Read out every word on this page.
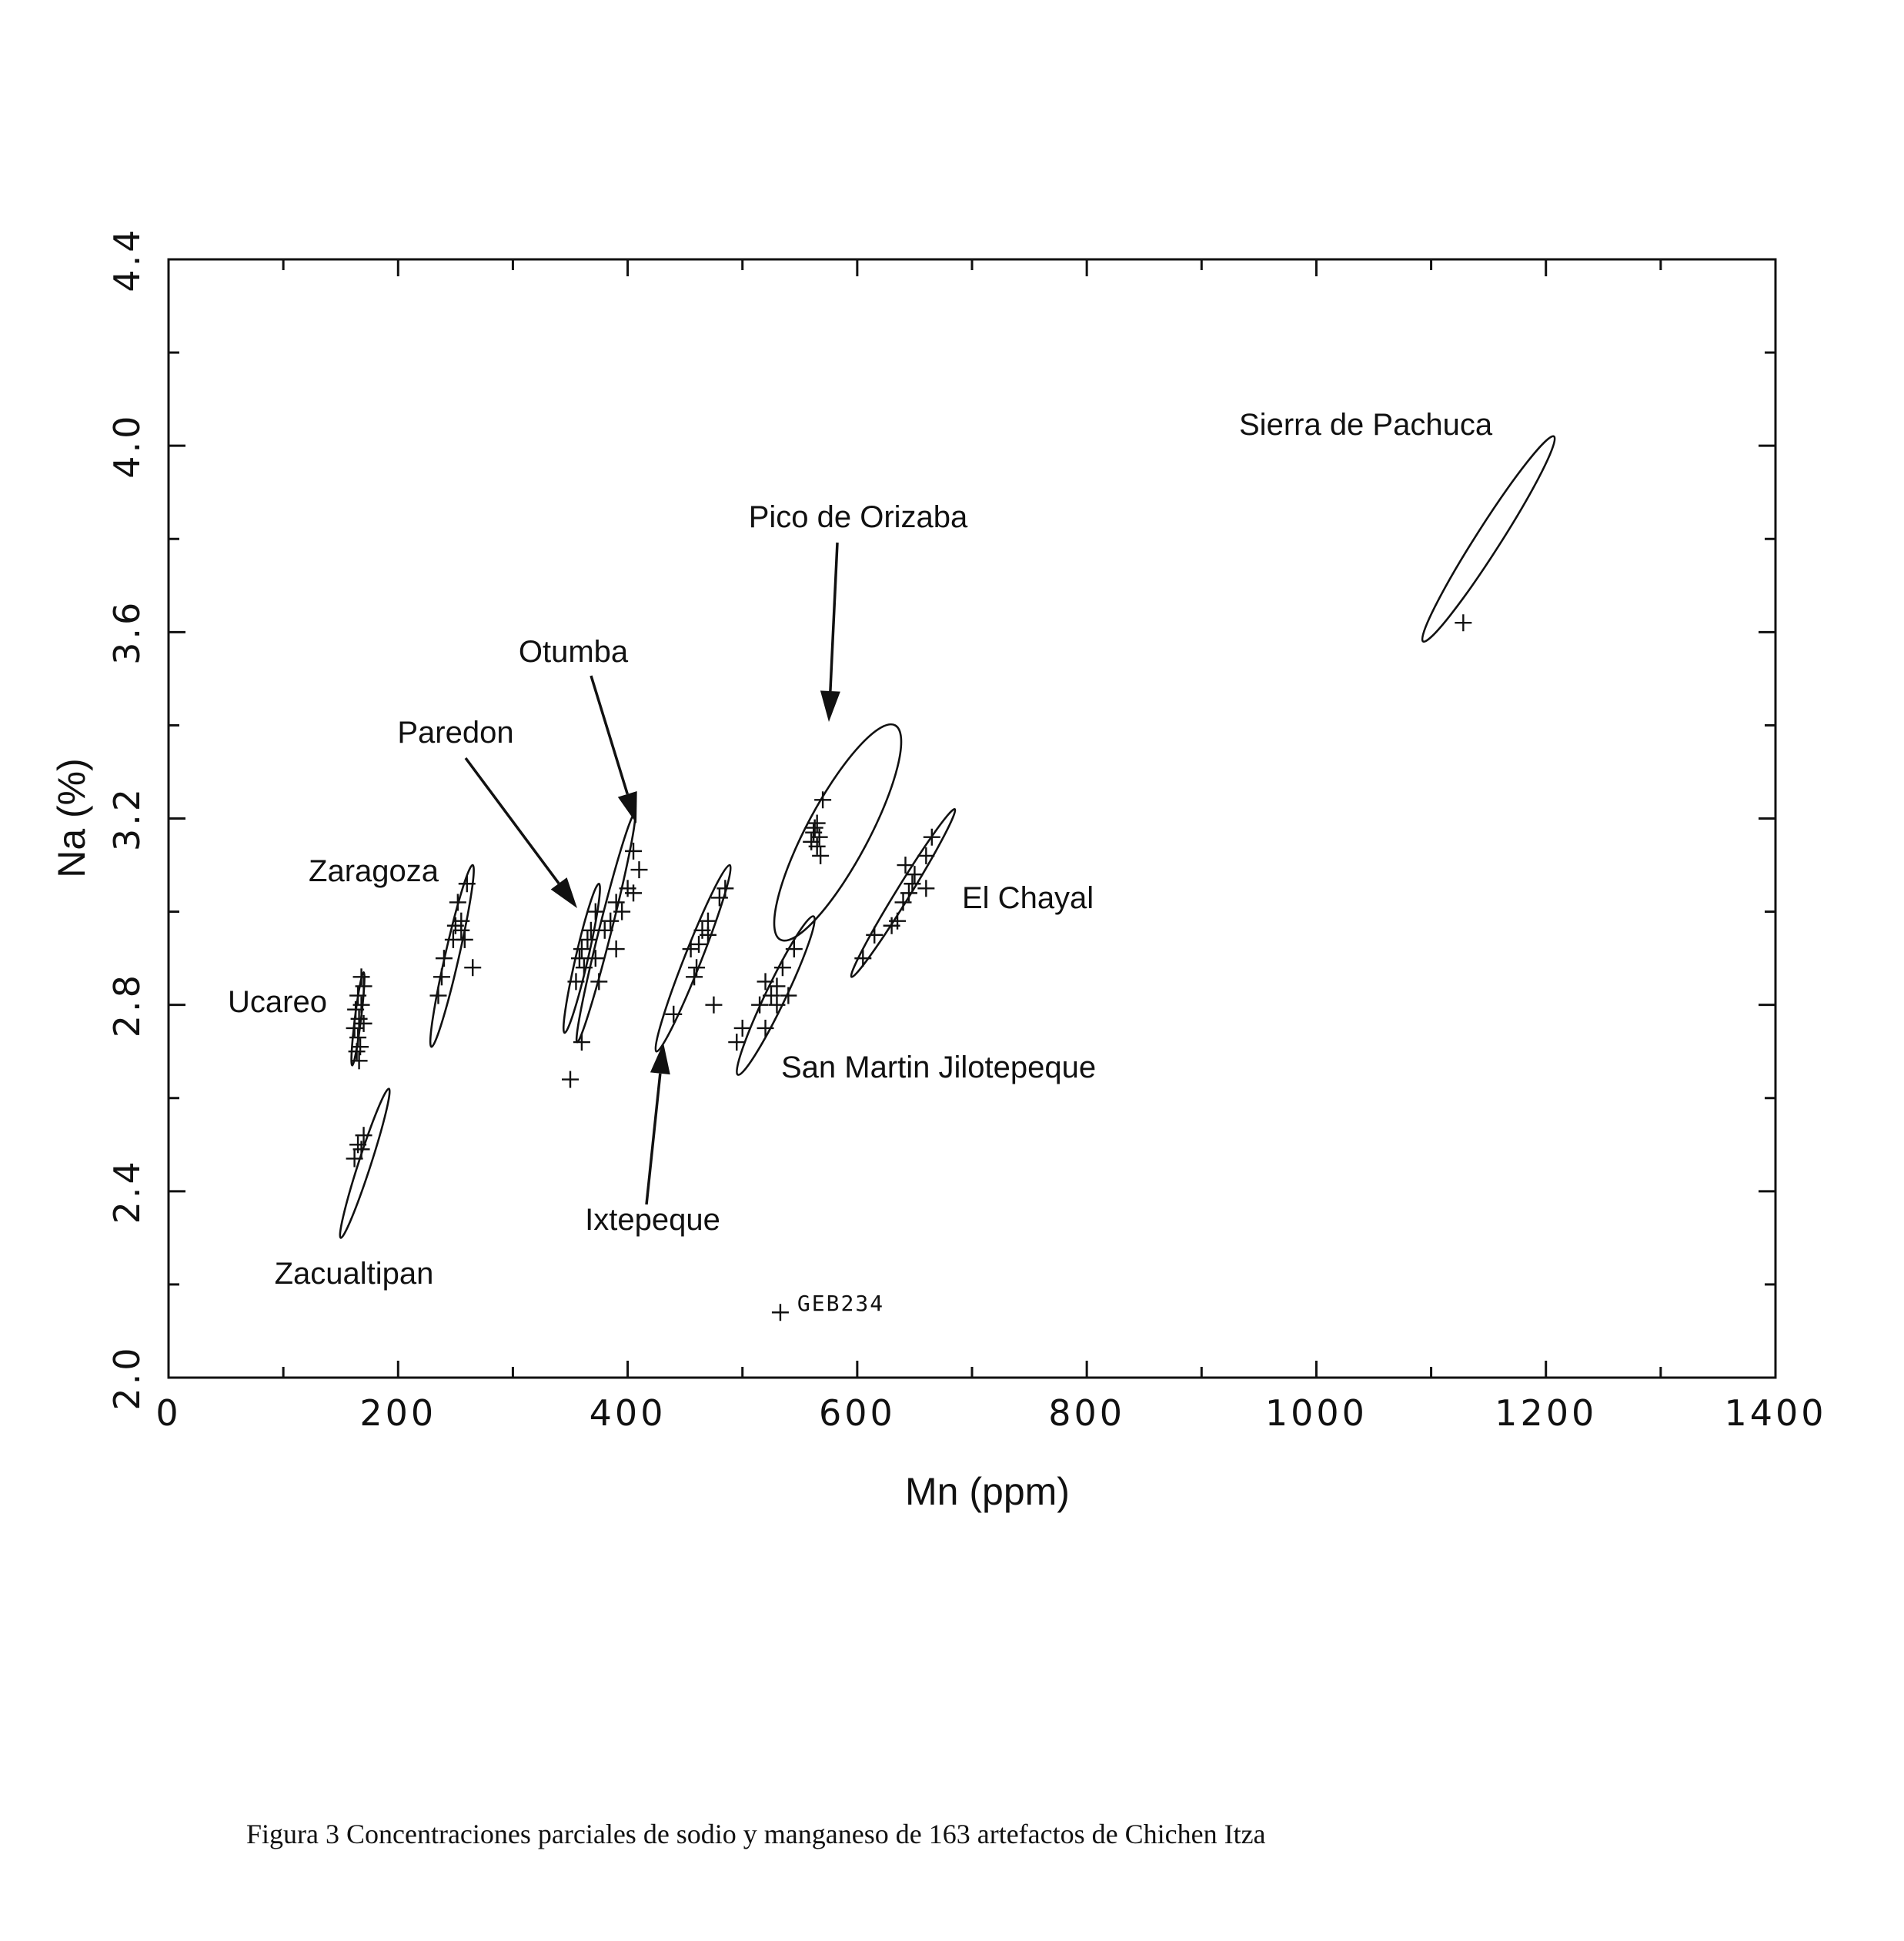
0	200	400	600	800	1000	1200	1400
2.0
2.4
2.8
3.2
3.6
4.0
4.4
GEB234
Sierra de Pachuca
Pico de Orizaba
Otumba
Paredon
Zaragoza
Ucareo
Zacualtipan
Ixtepeque
San Martin Jilotepeque
El Chayal
Mn (ppm)
Na (%)
Figura 3 Concentraciones parciales de sodio y manganeso de 163 artefactos de Chichen Itza
